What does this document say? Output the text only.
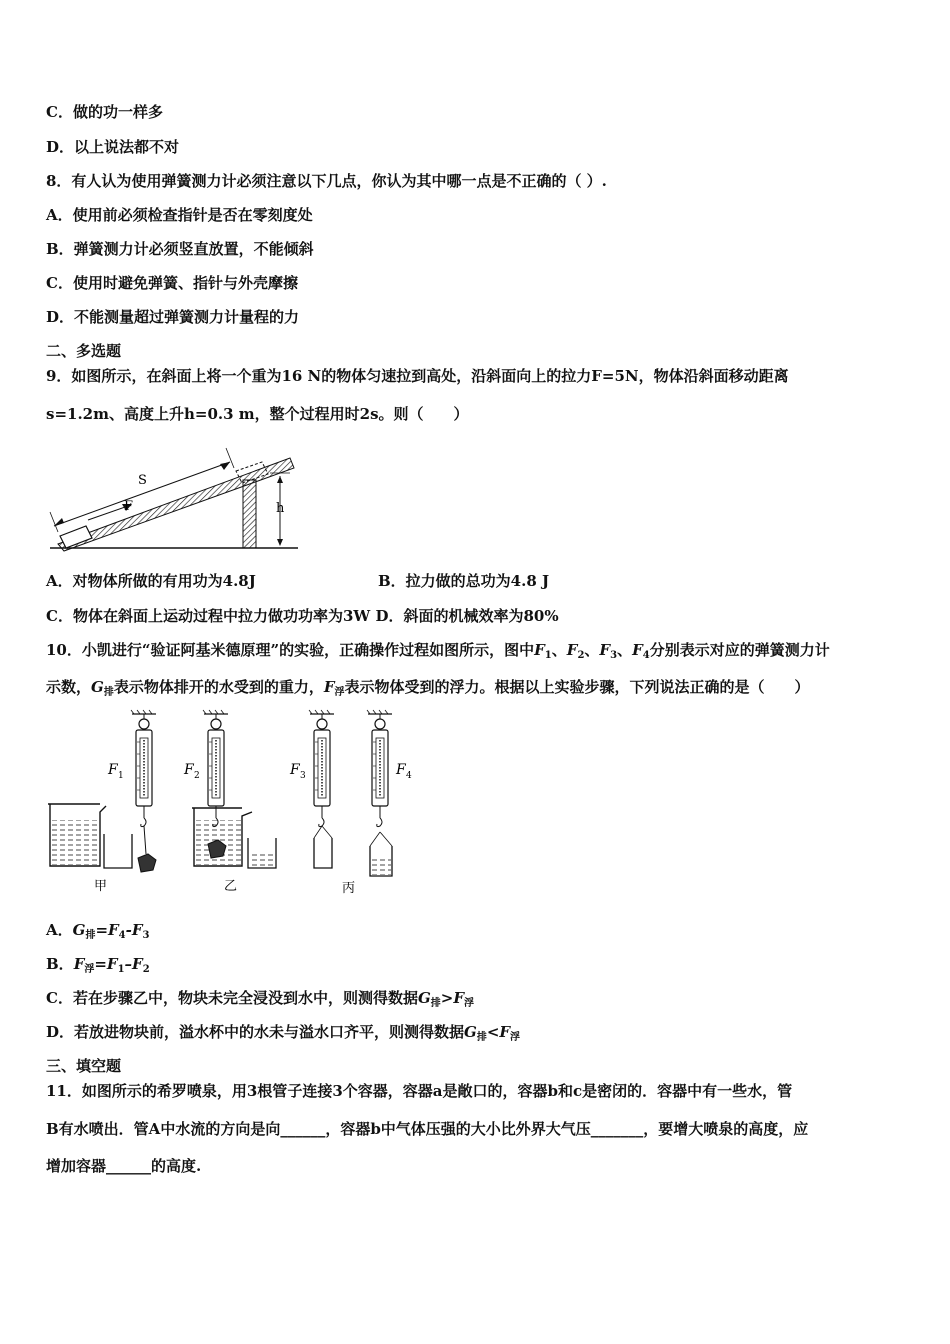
C．做的功一样多
D．以上说法都不对
8．有人认为使用弹簧测力计必须注意以下几点，你认为其中哪一点是不正确的（ ）.
A．使用前必须检查指针是否在零刻度处
B．弹簧测力计必须竖直放置，不能倾斜
C．使用时避免弹簧、指针与外壳摩擦
D．不能测量超过弹簧测力计量程的力
二、多选题
9．如图所示，在斜面上将一个重为16 N的物体匀速拉到高处，沿斜面向上的拉力F=5N，物体沿斜面移动距离
s=1.2m、高度上升h=0.3 m，整个过程用时2s。则（　　）
S
F	h
A．对物体所做的有用功为4.8J	B．拉力做的总功为4.8 J
C．物体在斜面上运动过程中拉力做功功率为3W D．斜面的机械效率为80%
10．小凯进行“验证阿基米德原理”的实验，正确操作过程如图所示，图中$F_1$、$F_2$、$F_3$、$F_4$分别表示对应的弹簧测力计
示数，$G_排$表示物体排开的水受到的重力，$F_浮$表示物体受到的浮力。根据以上实验步骤，下列说法正确的是（　　）
F 1	F 2	F 3	F 4
甲	乙	丙
A．$G_排=F_4-F_3$
B．$F_浮=F_1-F_2$
C．若在步骤乙中，物块未完全浸没到水中，则测得数据$G_排>F_浮$
D．若放进物块前，溢水杯中的水未与溢水口齐平，则测得数据$G_排<F_浮$
三、填空题
11．如图所示的希罗喷泉，用3根管子连接3个容器，容器a是敞口的，容器b和c是密闭的．容器中有一些水，管
B有水喷出．管A中水流的方向是向______，容器b中气体压强的大小比外界大气压_______，要增大喷泉的高度，应
增加容器______的高度.
